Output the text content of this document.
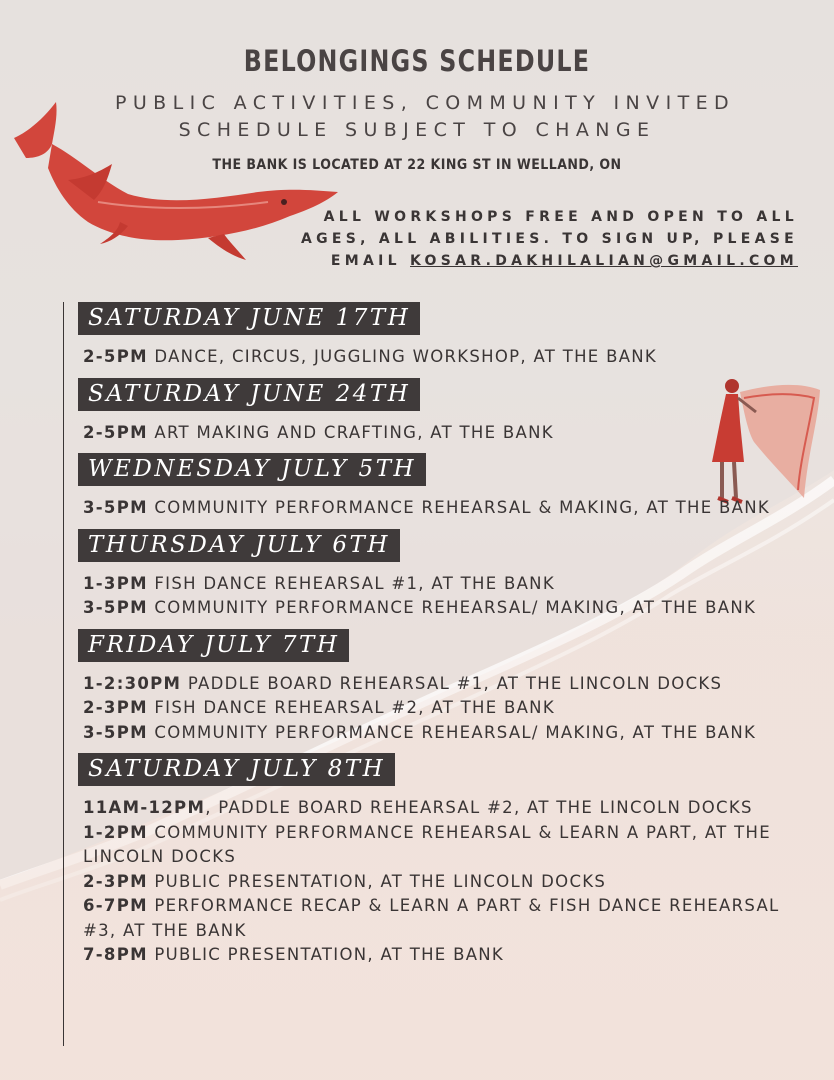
BELONGINGS SCHEDULE
PUBLIC ACTIVITIES, COMMUNITY INVITED
SCHEDULE SUBJECT TO CHANGE
THE BANK IS LOCATED AT 22 KING ST IN WELLAND, ON
ALL WORKSHOPS FREE AND OPEN TO ALL
AGES, ALL ABILITIES. TO SIGN UP, PLEASE
EMAIL KOSAR.DAKHILALIAN@GMAIL.COM
SATURDAY JUNE 17TH
2-5PM DANCE, CIRCUS, JUGGLING WORKSHOP, AT THE BANK
SATURDAY JUNE 24TH
2-5PM ART MAKING AND CRAFTING, AT THE BANK
WEDNESDAY JULY 5TH
3-5PM COMMUNITY PERFORMANCE REHEARSAL & MAKING, AT THE BANK
THURSDAY JULY 6TH
1-3PM FISH DANCE REHEARSAL #1, AT THE BANK
3-5PM COMMUNITY PERFORMANCE REHEARSAL/ MAKING, AT THE BANK
FRIDAY JULY 7TH
1-2:30PM PADDLE BOARD REHEARSAL #1, AT THE LINCOLN DOCKS
2-3PM FISH DANCE REHEARSAL #2, AT THE BANK
3-5PM COMMUNITY PERFORMANCE REHEARSAL/ MAKING, AT THE BANK
SATURDAY JULY 8TH
11AM-12PM, PADDLE BOARD REHEARSAL #2, AT THE LINCOLN DOCKS
1-2PM COMMUNITY PERFORMANCE REHEARSAL & LEARN A PART, AT THE LINCOLN DOCKS
2-3PM PUBLIC PRESENTATION, AT THE LINCOLN DOCKS
6-7PM PERFORMANCE RECAP & LEARN A PART & FISH DANCE REHEARSAL #3, AT THE BANK
7-8PM PUBLIC PRESENTATION, AT THE BANK
